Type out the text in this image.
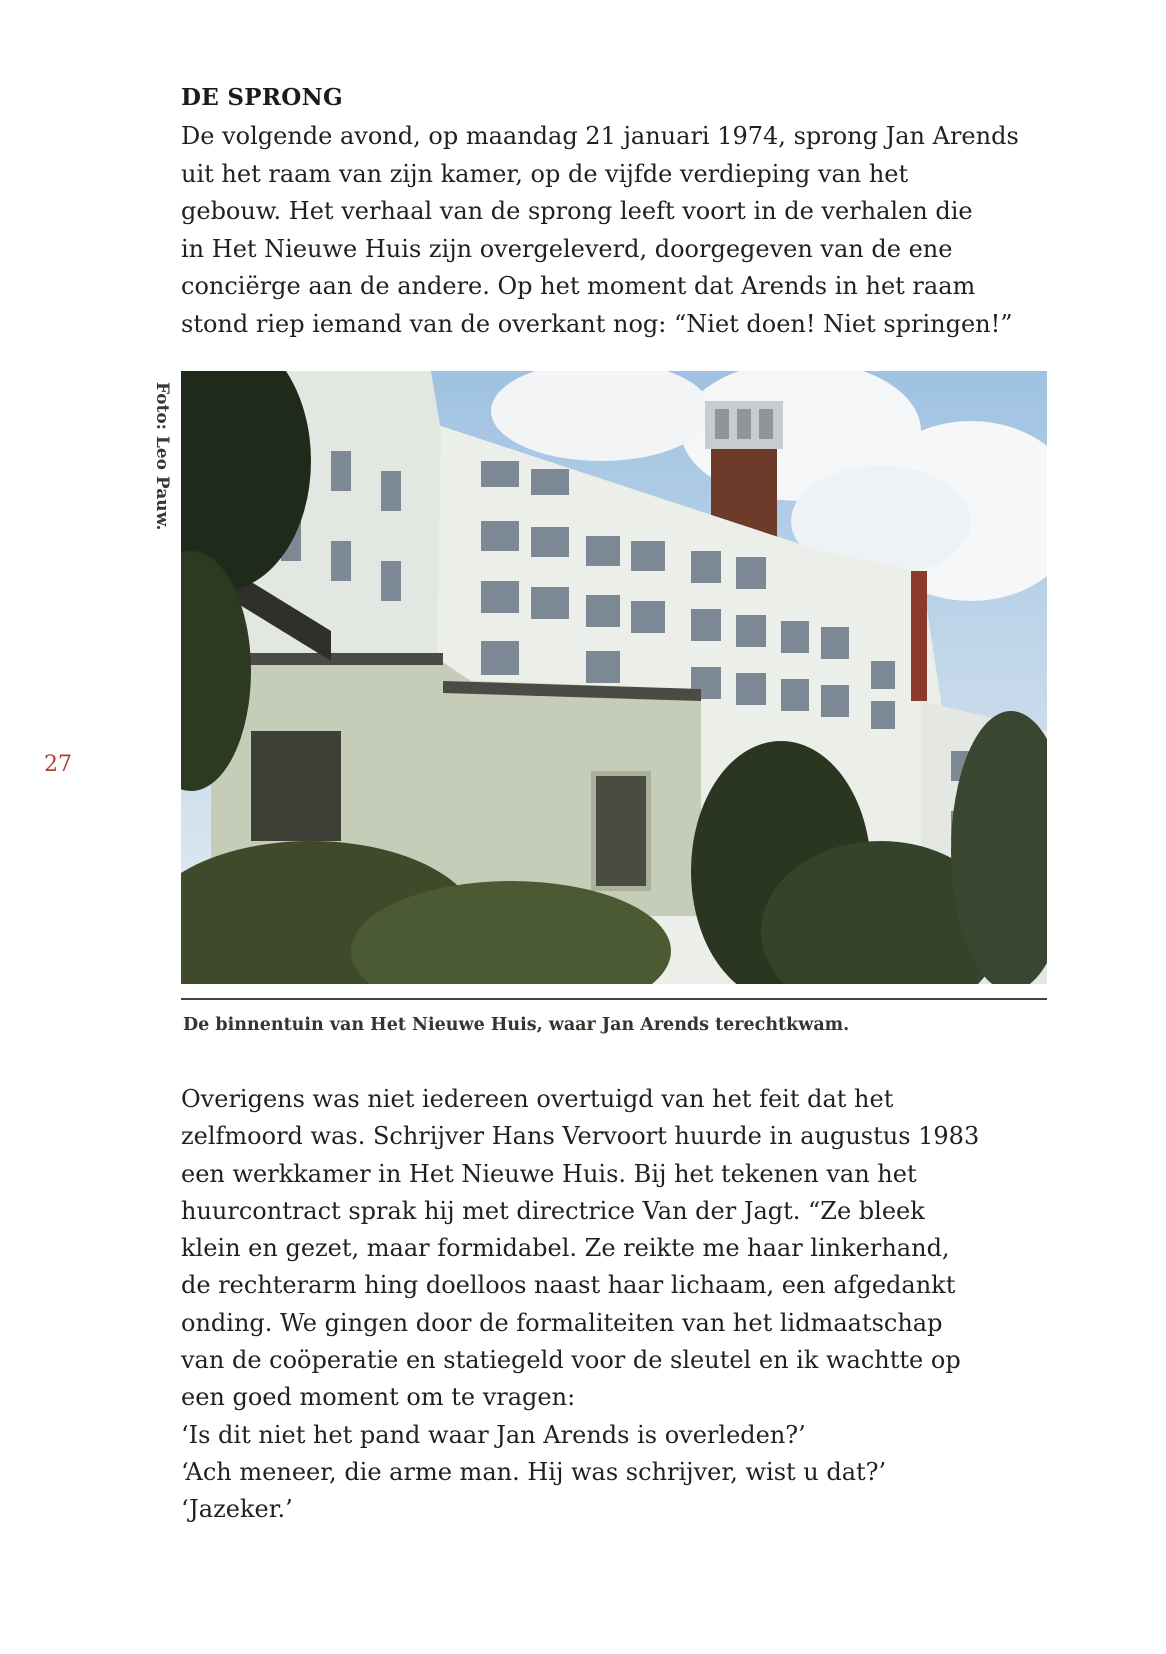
DE SPRONG
De volgende avond, op maandag 21 januari 1974, sprong Jan Arends
uit het raam van zijn kamer, op de vijfde verdieping van het
gebouw. Het verhaal van de sprong leeft voort in de verhalen die
in Het Nieuwe Huis zijn overgeleverd, doorgegeven van de ene
conciërge aan de andere. Op het moment dat Arends in het raam
stond riep iemand van de overkant nog: “Niet doen! Niet springen!”
Foto: Leo Pauw.
27
De binnentuin van Het Nieuwe Huis, waar Jan Arends terechtkwam.
Overigens was niet iedereen overtuigd van het feit dat het
zelfmoord was. Schrijver Hans Vervoort huurde in augustus 1983
een werkkamer in Het Nieuwe Huis. Bij het tekenen van het
huurcontract sprak hij met directrice Van der Jagt. “Ze bleek
klein en gezet, maar formidabel. Ze reikte me haar linkerhand,
de rechterarm hing doelloos naast haar lichaam, een afgedankt
onding. We gingen door de formaliteiten van het lidmaatschap
van de coöperatie en statiegeld voor de sleutel en ik wachtte op
een goed moment om te vragen:
‘Is dit niet het pand waar Jan Arends is overleden?’
‘Ach meneer, die arme man. Hij was schrijver, wist u dat?’
‘Jazeker.’
